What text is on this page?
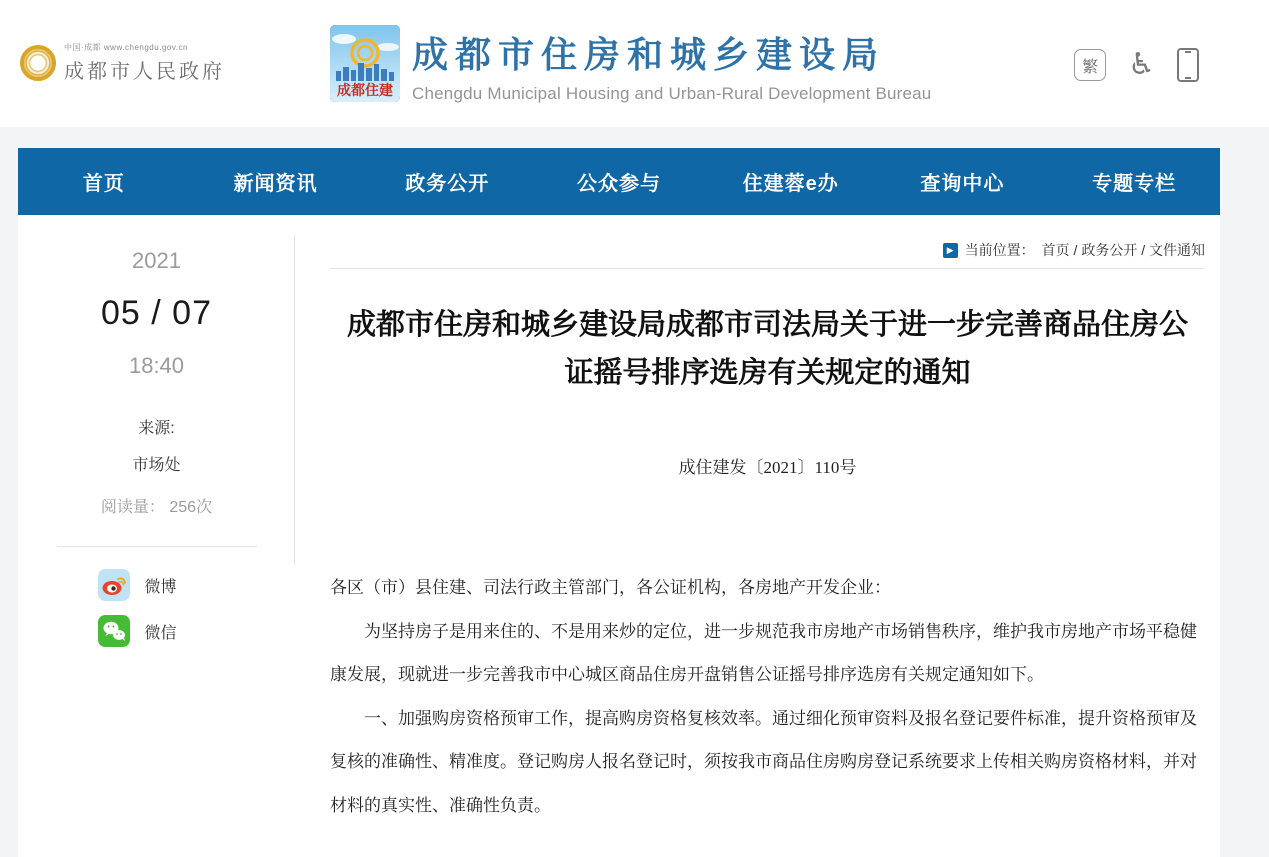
中国·成都 www.chengdu.gov.cn
成都市人民政府
成都住建
成都市住房和城乡建设局
Chengdu Municipal Housing and Urban-Rural Development Bureau
繁 ♿
首页	新闻资讯	政务公开	公众参与	住建蓉e办	查询中心	专题专栏
2021
05 / 07
18:40
来源:
市场处
阅读量： 256次
微博
微信
▶ 当前位置： 首页 / 政务公开 / 文件通知
成都市住房和城乡建设局成都市司法局关于进一步完善商品住房公证摇号排序选房有关规定的通知
成住建发〔2021〕110号

各区（市）县住建、司法行政主管部门，各公证机构，各房地产开发企业：

为坚持房子是用来住的、不是用来炒的定位，进一步规范我市房地产市场销售秩序，维护我市房地产市场平稳健康发展，现就进一步完善我市中心城区商品住房开盘销售公证摇号排序选房有关规定通知如下。

一、加强购房资格预审工作，提高购房资格复核效率。通过细化预审资料及报名登记要件标准，提升资格预审及复核的准确性、精准度。登记购房人报名登记时，须按我市商品住房购房登记系统要求上传相关购房资格材料，并对材料的真实性、准确性负责。
